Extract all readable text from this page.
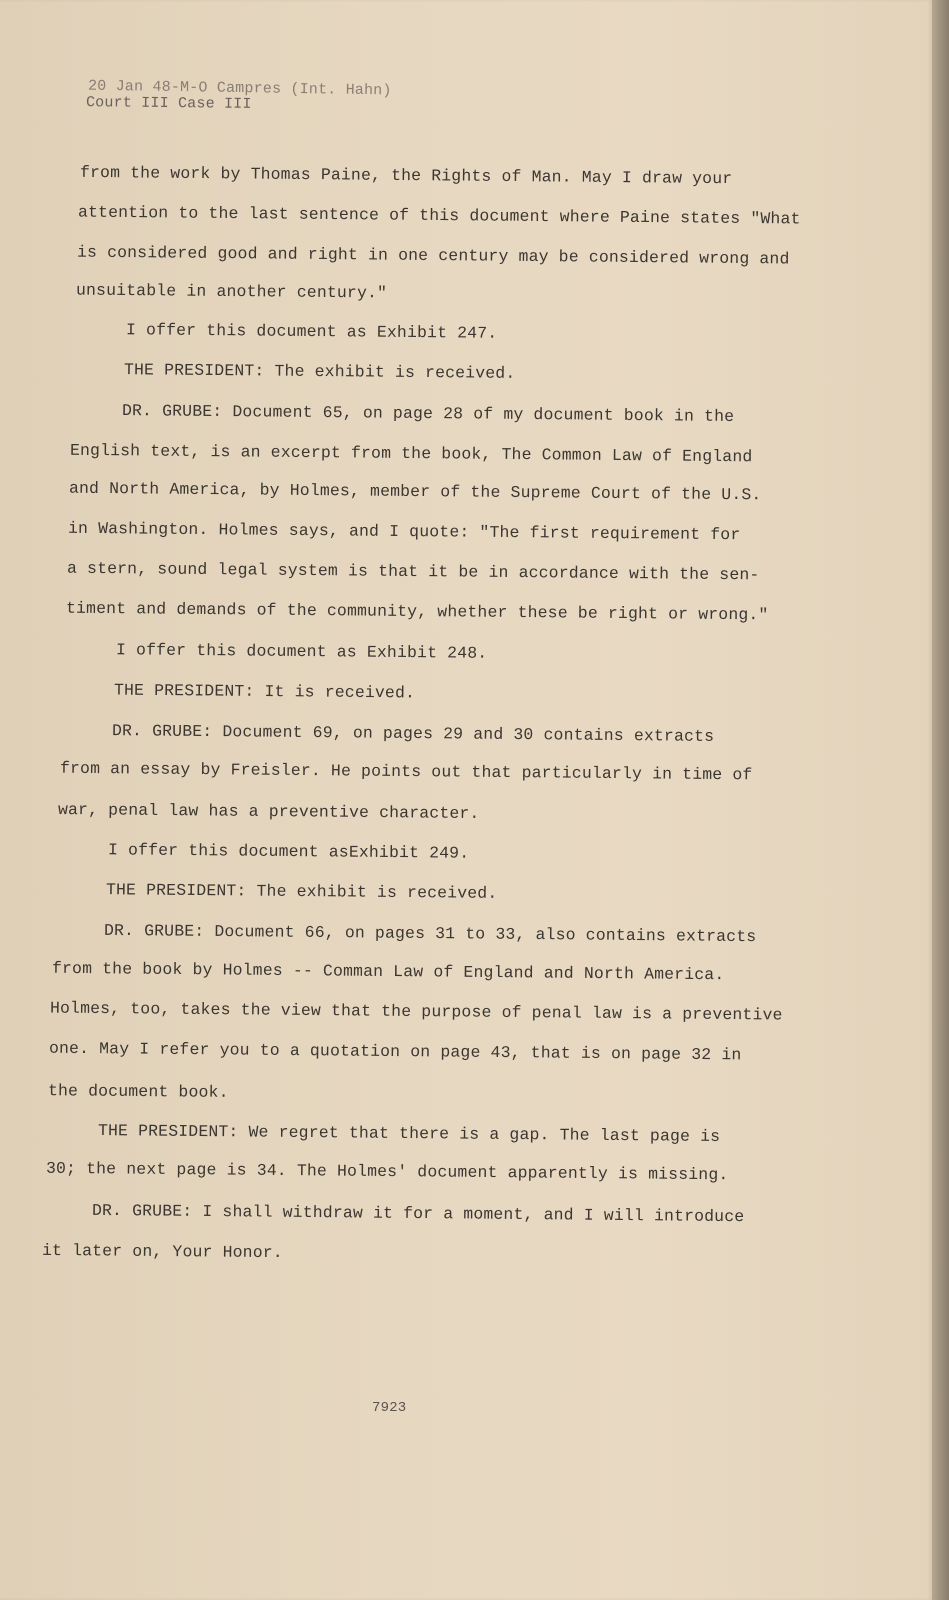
20 Jan 48-M-O Campres (Int. Hahn)
Court III Case III
from the work by Thomas Paine, the Rights of Man. May I draw your
attention to the last sentence of this document where Paine states "What
is considered good and right in one century may be considered wrong and
unsuitable in another century."
I offer this document as Exhibit 247.
THE PRESIDENT: The exhibit is received.
DR. GRUBE: Document 65, on page 28 of my document book in the
English text, is an excerpt from the book, The Common Law of England
and North America, by Holmes, member of the Supreme Court of the U.S.
in Washington. Holmes says, and I quote: "The first requirement for
a stern, sound legal system is that it be in accordance with the sen-
timent and demands of the community, whether these be right or wrong."
I offer this document as Exhibit 248.
THE PRESIDENT: It is received.
DR. GRUBE: Document 69, on pages 29 and 30 contains extracts
from an essay by Freisler. He points out that particularly in time of
war, penal law has a preventive character.
I offer this document asExhibit 249.
THE PRESIDENT: The exhibit is received.
DR. GRUBE: Document 66, on pages 31 to 33, also contains extracts
from the book by Holmes -- Comman Law of England and North America.
Holmes, too, takes the view that the purpose of penal law is a preventive
one. May I refer you to a quotation on page 43, that is on page 32 in
the document book.
THE PRESIDENT: We regret that there is a gap. The last page is
30; the next page is 34. The Holmes' document apparently is missing.
DR. GRUBE: I shall withdraw it for a moment, and I will introduce
it later on, Your Honor.
7923
